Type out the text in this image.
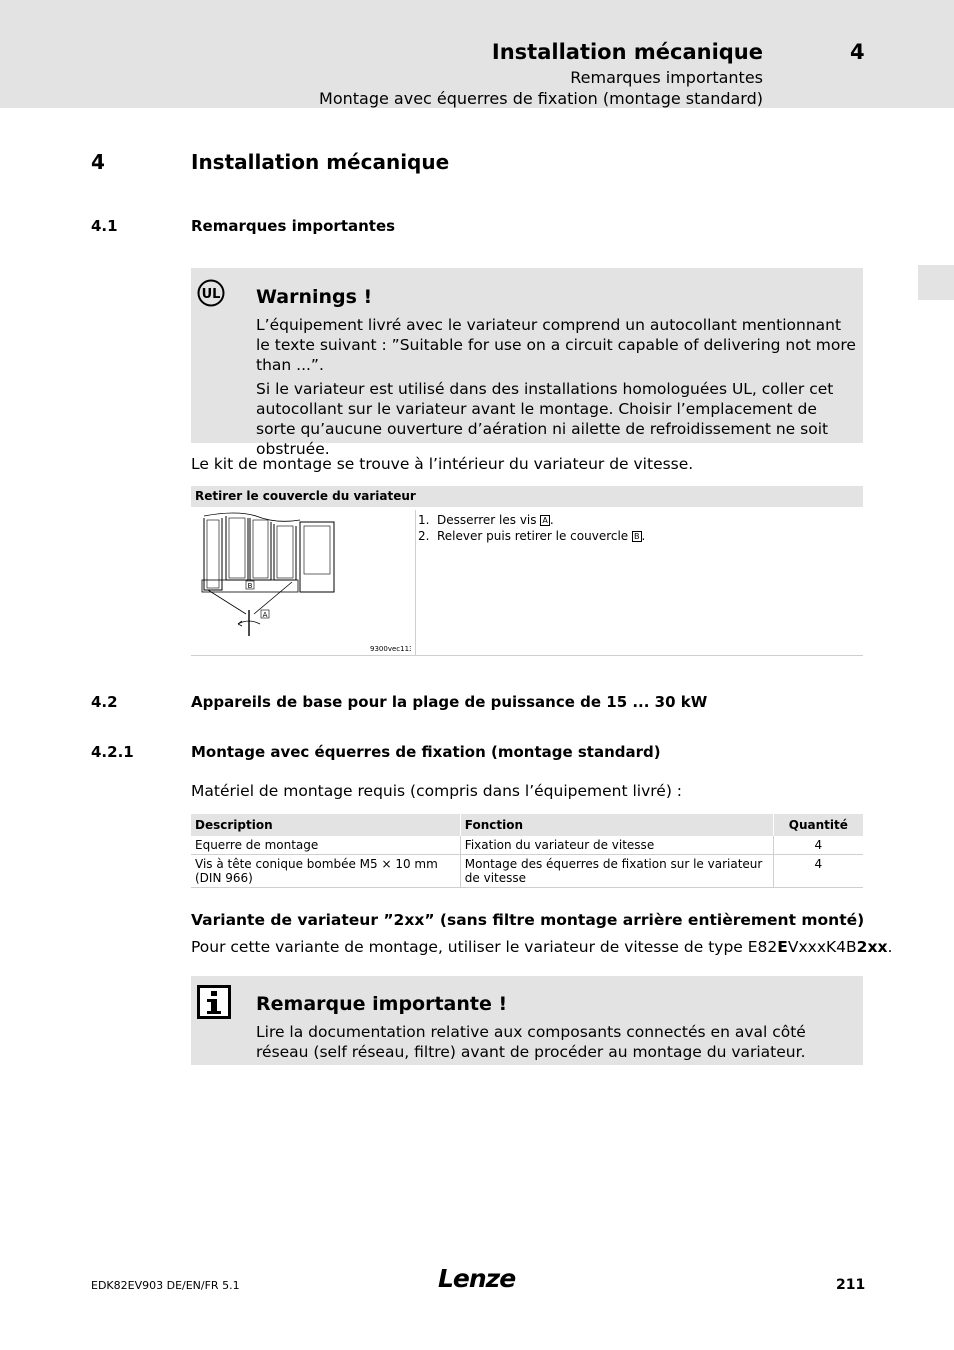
Installation mécanique	4
Remarques importantes
Montage avec équerres de fixation (montage standard)
4	Installation mécanique
4.1	Remarques importantes
UL Warnings !

L’équipement livré avec le variateur comprend un autocollant mentionnant le texte suivant : ”Suitable for use on a circuit capable of delivering not more than ...”.

Si le variateur est utilisé dans des installations homologuées UL, coller cet autocollant sur le variateur avant le montage. Choisir l’emplacement de sorte qu’aucune ouverture d’aération ni ailette de refroidissement ne soit obstruée.

Le kit de montage se trouve à l’intérieur du variateur de vitesse.
Retirer le couvercle du variateur
B
A
9300vec113
1. Desserrer les vis A .
2. Relever puis retirer le couvercle B .
4.2	Appareils de base pour la plage de puissance de 15 ... 30 kW
4.2.1	Montage avec équerres de fixation (montage standard)
Matériel de montage requis (compris dans l’équipement livré) :
Description	Fonction	Quantité
Equerre de montage	Fixation du variateur de vitesse	4
Vis à tête conique bombée M5 × 10 mm (DIN 966)	Montage des équerres de fixation sur le variateur de vitesse	4
Variante de variateur ”2xx” (sans filtre montage arrière entièrement monté)
Pour cette variante de montage, utiliser le variateur de vitesse de type E82EVxxxK4B2xx.
Remarque importante !

Lire la documentation relative aux composants connectés en aval côté réseau (self réseau, filtre) avant de procéder au montage du variateur.

EDK82EV903 DE/EN/FR 5.1	Lenze	211
